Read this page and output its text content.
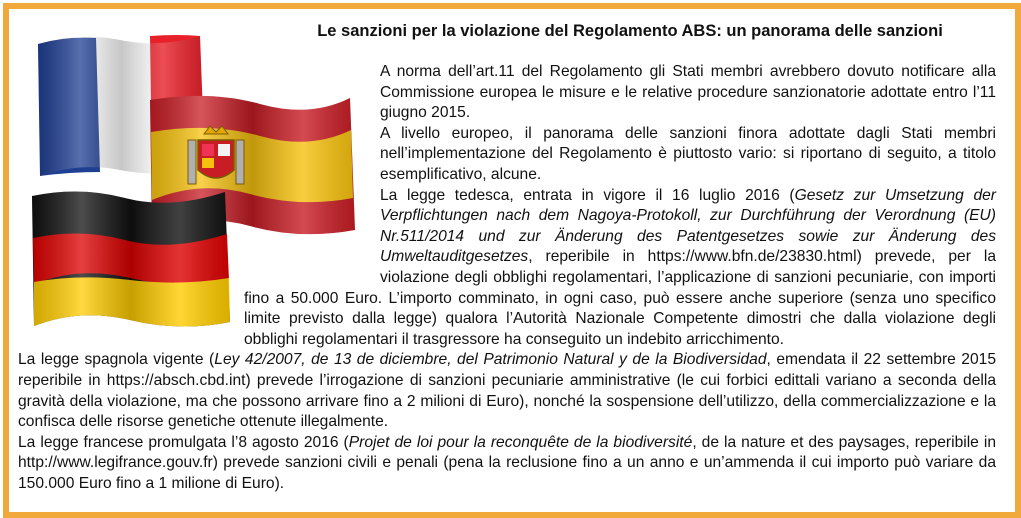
Le sanzioni per la violazione del Regolamento ABS: un panorama delle sanzioni

A norma dell’art.11 del Regolamento gli Stati membri avrebbero dovuto notificare alla Commissione europea le misure e le relative procedure sanzionatorie adottate entro l’11 giugno 2015.

A livello europeo, il panorama delle sanzioni finora adottate dagli Stati membri nell’implementazione del Regolamento è piuttosto vario: si riportano di seguito, a titolo esemplificativo, alcune.

La legge tedesca, entrata in vigore il 16 luglio 2016 (Gesetz zur Umsetzung der Verpflichtungen nach dem Nagoya-Protokoll, zur Durchführung der Verordnung (EU) Nr.511/2014 und zur Änderung des Patentgesetzes sowie zur Änderung des Umweltauditgesetzes, reperibile in https://www.bfn.de/23830.html) prevede, per la violazione degli obblighi regolamentari, l’applicazione di sanzioni pecuniarie, con importi fino a 50.000 Euro. L’importo comminato, in ogni caso, può essere anche superiore (senza uno specifico limite previsto dalla legge) qualora l’Autorità Nazionale Competente dimostri che dalla violazione degli obblighi regolamentari il trasgressore ha conseguito un indebito arricchimento.

La legge spagnola vigente (Ley 42/2007, de 13 de diciembre, del Patrimonio Natural y de la Biodiversidad, emendata il 22 settembre 2015 reperibile in https://absch.cbd.int) prevede l’irrogazione di sanzioni pecuniarie amministrative (le cui forbici edittali variano a seconda della gravità della violazione, ma che possono arrivare fino a 2 milioni di Euro), nonché la sospensione dell’utilizzo, della commercializzazione e la confisca delle risorse genetiche ottenute illegalmente.

La legge francese promulgata l’8 agosto 2016 (Projet de loi pour la reconquête de la biodiversité, de la nature et des paysages, reperibile in http://www.legifrance.gouv.fr) prevede sanzioni civili e penali (pena la reclusione fino a un anno e un’ammenda il cui importo può variare da 150.000 Euro fino a 1 milione di Euro).
